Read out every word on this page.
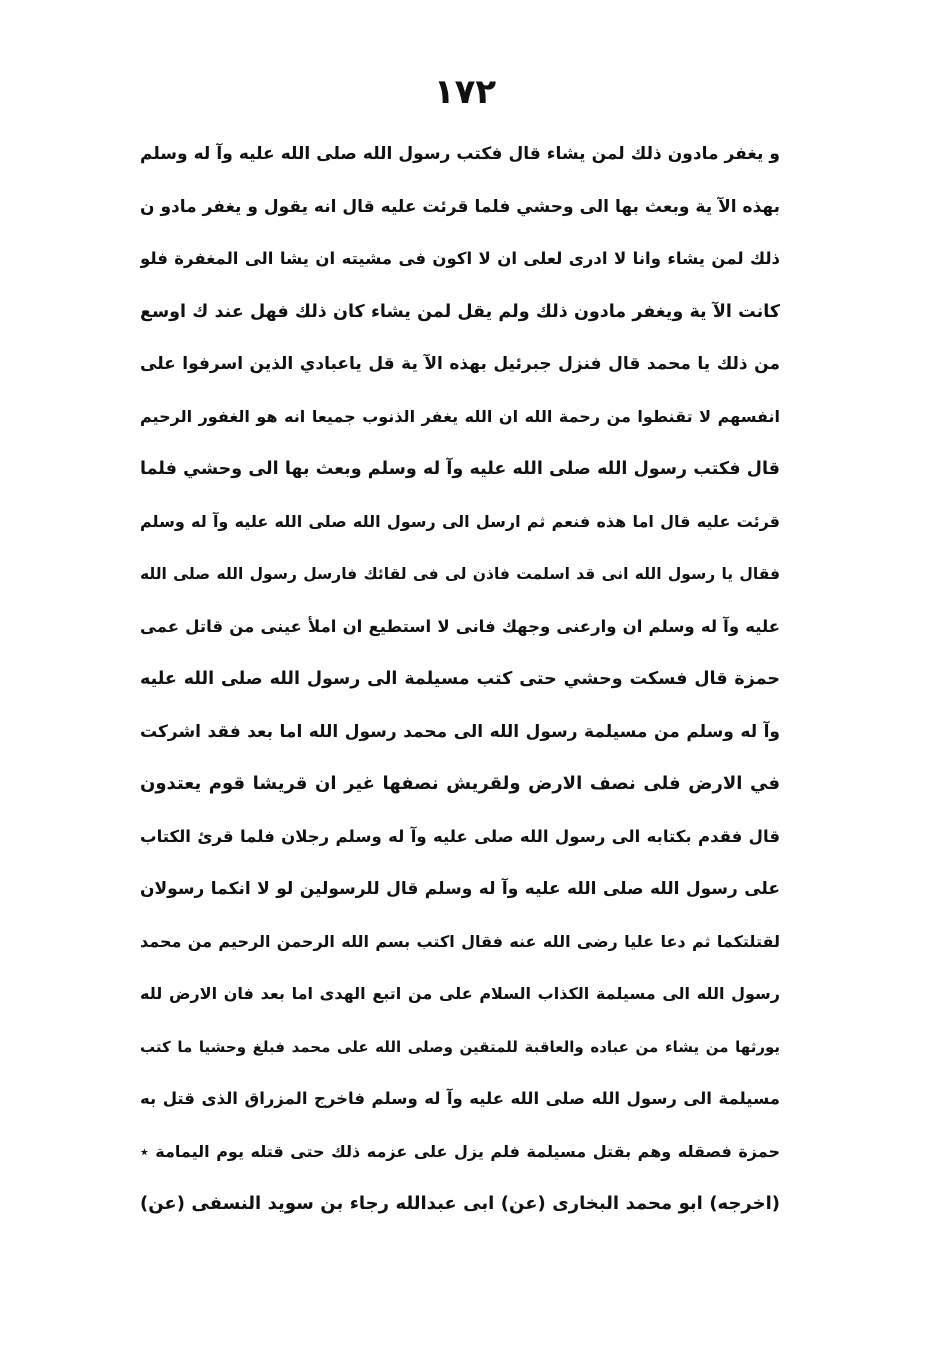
١٧٢
و يغفر مادون ذلك لمن يشاء قال فكتب رسول الله صلى الله عليه وآ له وسلم
بهذه الآ ية وبعث بها الى وحشي فلما قرئت عليه قال انه يقول و يغفر مادو ن
ذلك لمن يشاء وانا لا ادرى لعلى ان لا اكون فى مشيته ان يشا الى المغفرة فلو
كانت الآ ية ويغفر مادون ذلك ولم يقل لمن يشاء كان ذلك فهل عند ك اوسع
من ذلك يا محمد قال فنزل جبرئيل بهذه الآ ية قل ياعبادي الذين اسرفوا على
انفسهم لا تقنطوا من رحمة الله ان الله يغفر الذنوب جميعا انه هو الغفور الرحيم
قال فكتب رسول الله صلى الله عليه وآ له وسلم وبعث بها الى وحشي فلما
قرئت عليه قال اما هذه فنعم ثم ارسل الى رسول الله صلى الله عليه وآ له وسلم
فقال يا رسول الله انى قد اسلمت فاذن لى فى لقائك فارسل رسول الله صلى الله
عليه وآ له وسلم ان وارعنى وجهك فانى لا استطيع ان املأ عينى من قاتل عمى
حمزة قال فسكت وحشي حتى كتب مسيلمة الى رسول الله صلى الله عليه
وآ له وسلم من مسيلمة رسول الله الى محمد رسول الله اما بعد فقد اشركت
في الارض فلى نصف الارض ولقريش نصفها غير ان قريشا قوم يعتدون
قال فقدم بكتابه الى رسول الله صلى عليه وآ له وسلم رجلان فلما قرئ الكتاب
على رسول الله صلى الله عليه وآ له وسلم قال للرسولين لو لا انكما رسولان
لقتلتكما ثم دعا عليا رضى الله عنه فقال اكتب بسم الله الرحمن الرحيم من محمد
رسول الله الى مسيلمة الكذاب السلام على من اتبع الهدى اما بعد فان الارض لله
يورثها من يشاء من عباده والعاقبة للمتقين وصلى الله على محمد فبلغ وحشيا ما كتب
مسيلمة الى رسول الله صلى الله عليه وآ له وسلم فاخرج المزراق الذى قتل به
حمزة فصقله وهم بقتل مسيلمة فلم يزل على عزمه ذلك حتى قتله يوم اليمامة ٭
(اخرجه) ابو محمد البخارى (عن) ابى عبدالله رجاء بن سويد النسفى (عن)
